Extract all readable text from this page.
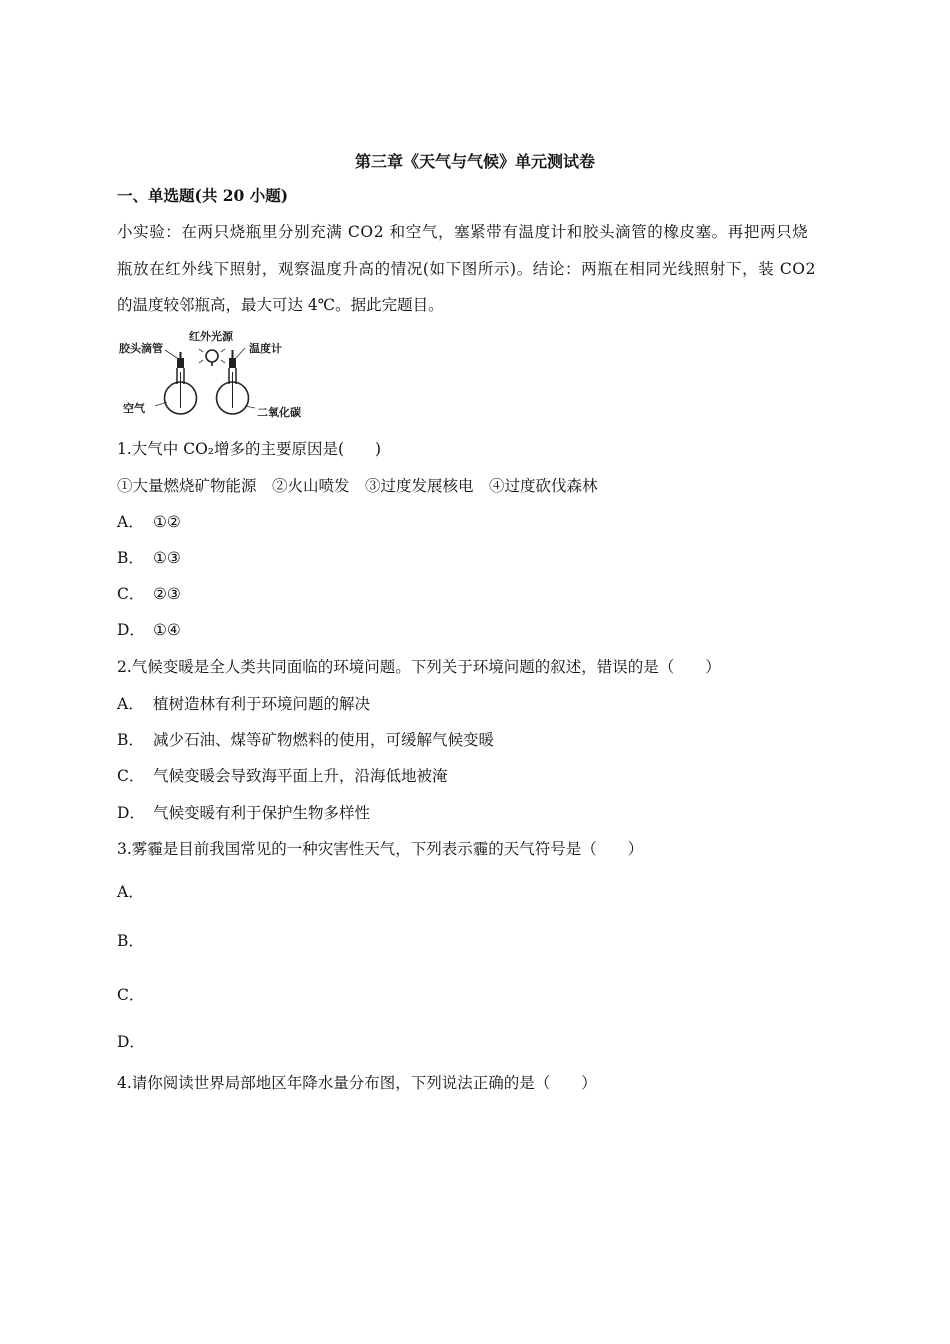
第三章《天气与气候》单元测试卷
一、单选题(共 20 小题)
小实验：在两只烧瓶里分别充满 CO2 和空气，塞紧带有温度计和胶头滴管的橡皮塞。再把两只烧
瓶放在红外线下照射，观察温度升高的情况(如下图所示)。结论：两瓶在相同光线照射下，装 CO2
的温度较邻瓶高，最大可达 4℃。据此完题目。
胶头滴管
红外光源
温度计
空气	二氧化碳
1.大气中 CO₂增多的主要原因是(　　)
①大量燃烧矿物能源　②火山喷发　③过度发展核电　④过度砍伐森林
A． ①②
B． ①③
C． ②③
D． ①④
2.气候变暖是全人类共同面临的环境问题。下列关于环境问题的叙述，错误的是（　　）
A． 植树造林有利于环境问题的解决
B． 减少石油、煤等矿物燃料的使用，可缓解气候变暖
C． 气候变暖会导致海平面上升，沿海低地被淹
D． 气候变暖有利于保护生物多样性
3.雾霾是目前我国常见的一种灾害性天气，下列表示霾的天气符号是（　　）
A．
B．
C．
D．
4.请你阅读世界局部地区年降水量分布图，下列说法正确的是（　　）
